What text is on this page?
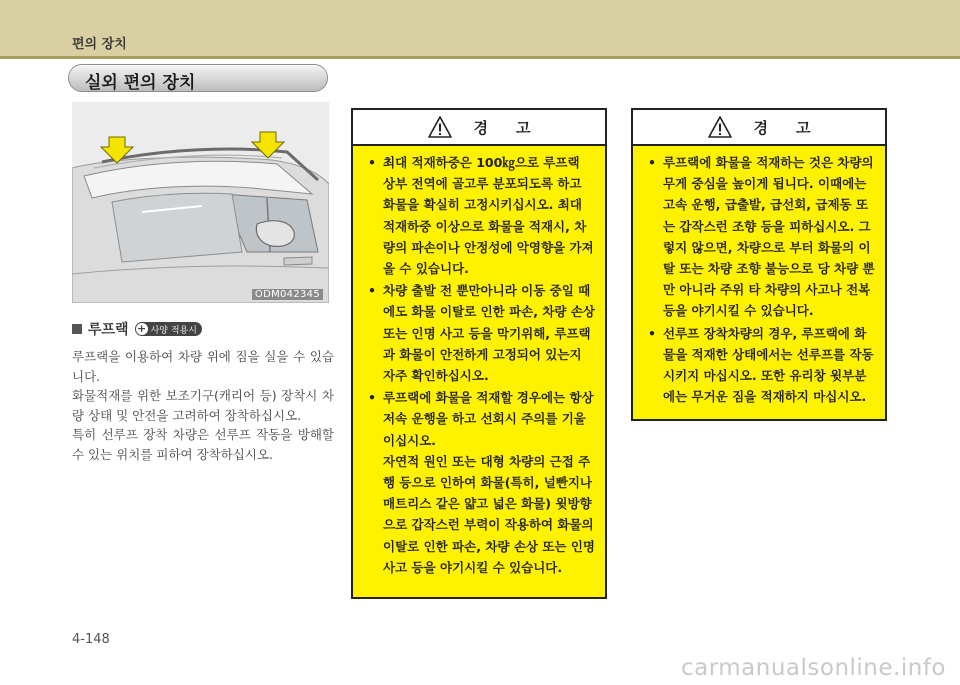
편의 장치
실외 편의 장치
ODM042345
루프랙 + 사양 적용시

루프랙을 이용하여 차량 위에 짐을 실을 수 있습니다.

화물적재를 위한 보조기구(캐리어 등) 장착시 차량 상태 및 안전을 고려하여 장착하십시오.

특히 선루프 장착 차량은 선루프 작동을 방해할 수 있는 위치를 피하여 장착하십시오.

경고
• 최대 적재하중은 100㎏으로 루프랙 상부 전역에 골고루 분포되도록 하고 화물을 확실히 고정시키십시오. 최대 적재하중 이상으로 화물을 적재시, 차량의 파손이나 안정성에 악영향을 가져올 수 있습니다.
• 차량 출발 전 뿐만아니라 이동 중일 때에도 화물 이탈로 인한 파손, 차량 손상 또는 인명 사고 등을 막기위해, 루프랙과 화물이 안전하게 고정되어 있는지 자주 확인하십시오.
• 루프랙에 화물을 적재할 경우에는 항상 저속 운행을 하고 선회시 주의를 기울이십시오.
자연적 원인 또는 대형 차량의 근접 주행 등으로 인하여 화물(특히, 널빤지나 매트리스 같은 얇고 넓은 화물) 윗방향으로 갑작스런 부력이 작용하여 화물의 이탈로 인한 파손, 차량 손상 또는 인명 사고 등을 야기시킬 수 있습니다.
경고
• 루프랙에 화물을 적재하는 것은 차량의 무게 중심을 높이게 됩니다. 이때에는 고속 운행, 급출발, 급선회, 급제동 또는 갑작스런 조향 등을 피하십시오. 그렇지 않으면, 차량으로 부터 화물의 이탈 또는 차량 조향 불능으로 당 차량 뿐만 아니라 주위 타 차량의 사고나 전복 등을 야기시킬 수 있습니다.
• 선루프 장착차량의 경우, 루프랙에 화물을 적재한 상태에서는 선루프를 작동시키지 마십시오. 또한 유리창 윗부분에는 무거운 짐을 적재하지 마십시오.
4-148
carmanualsonline.info
